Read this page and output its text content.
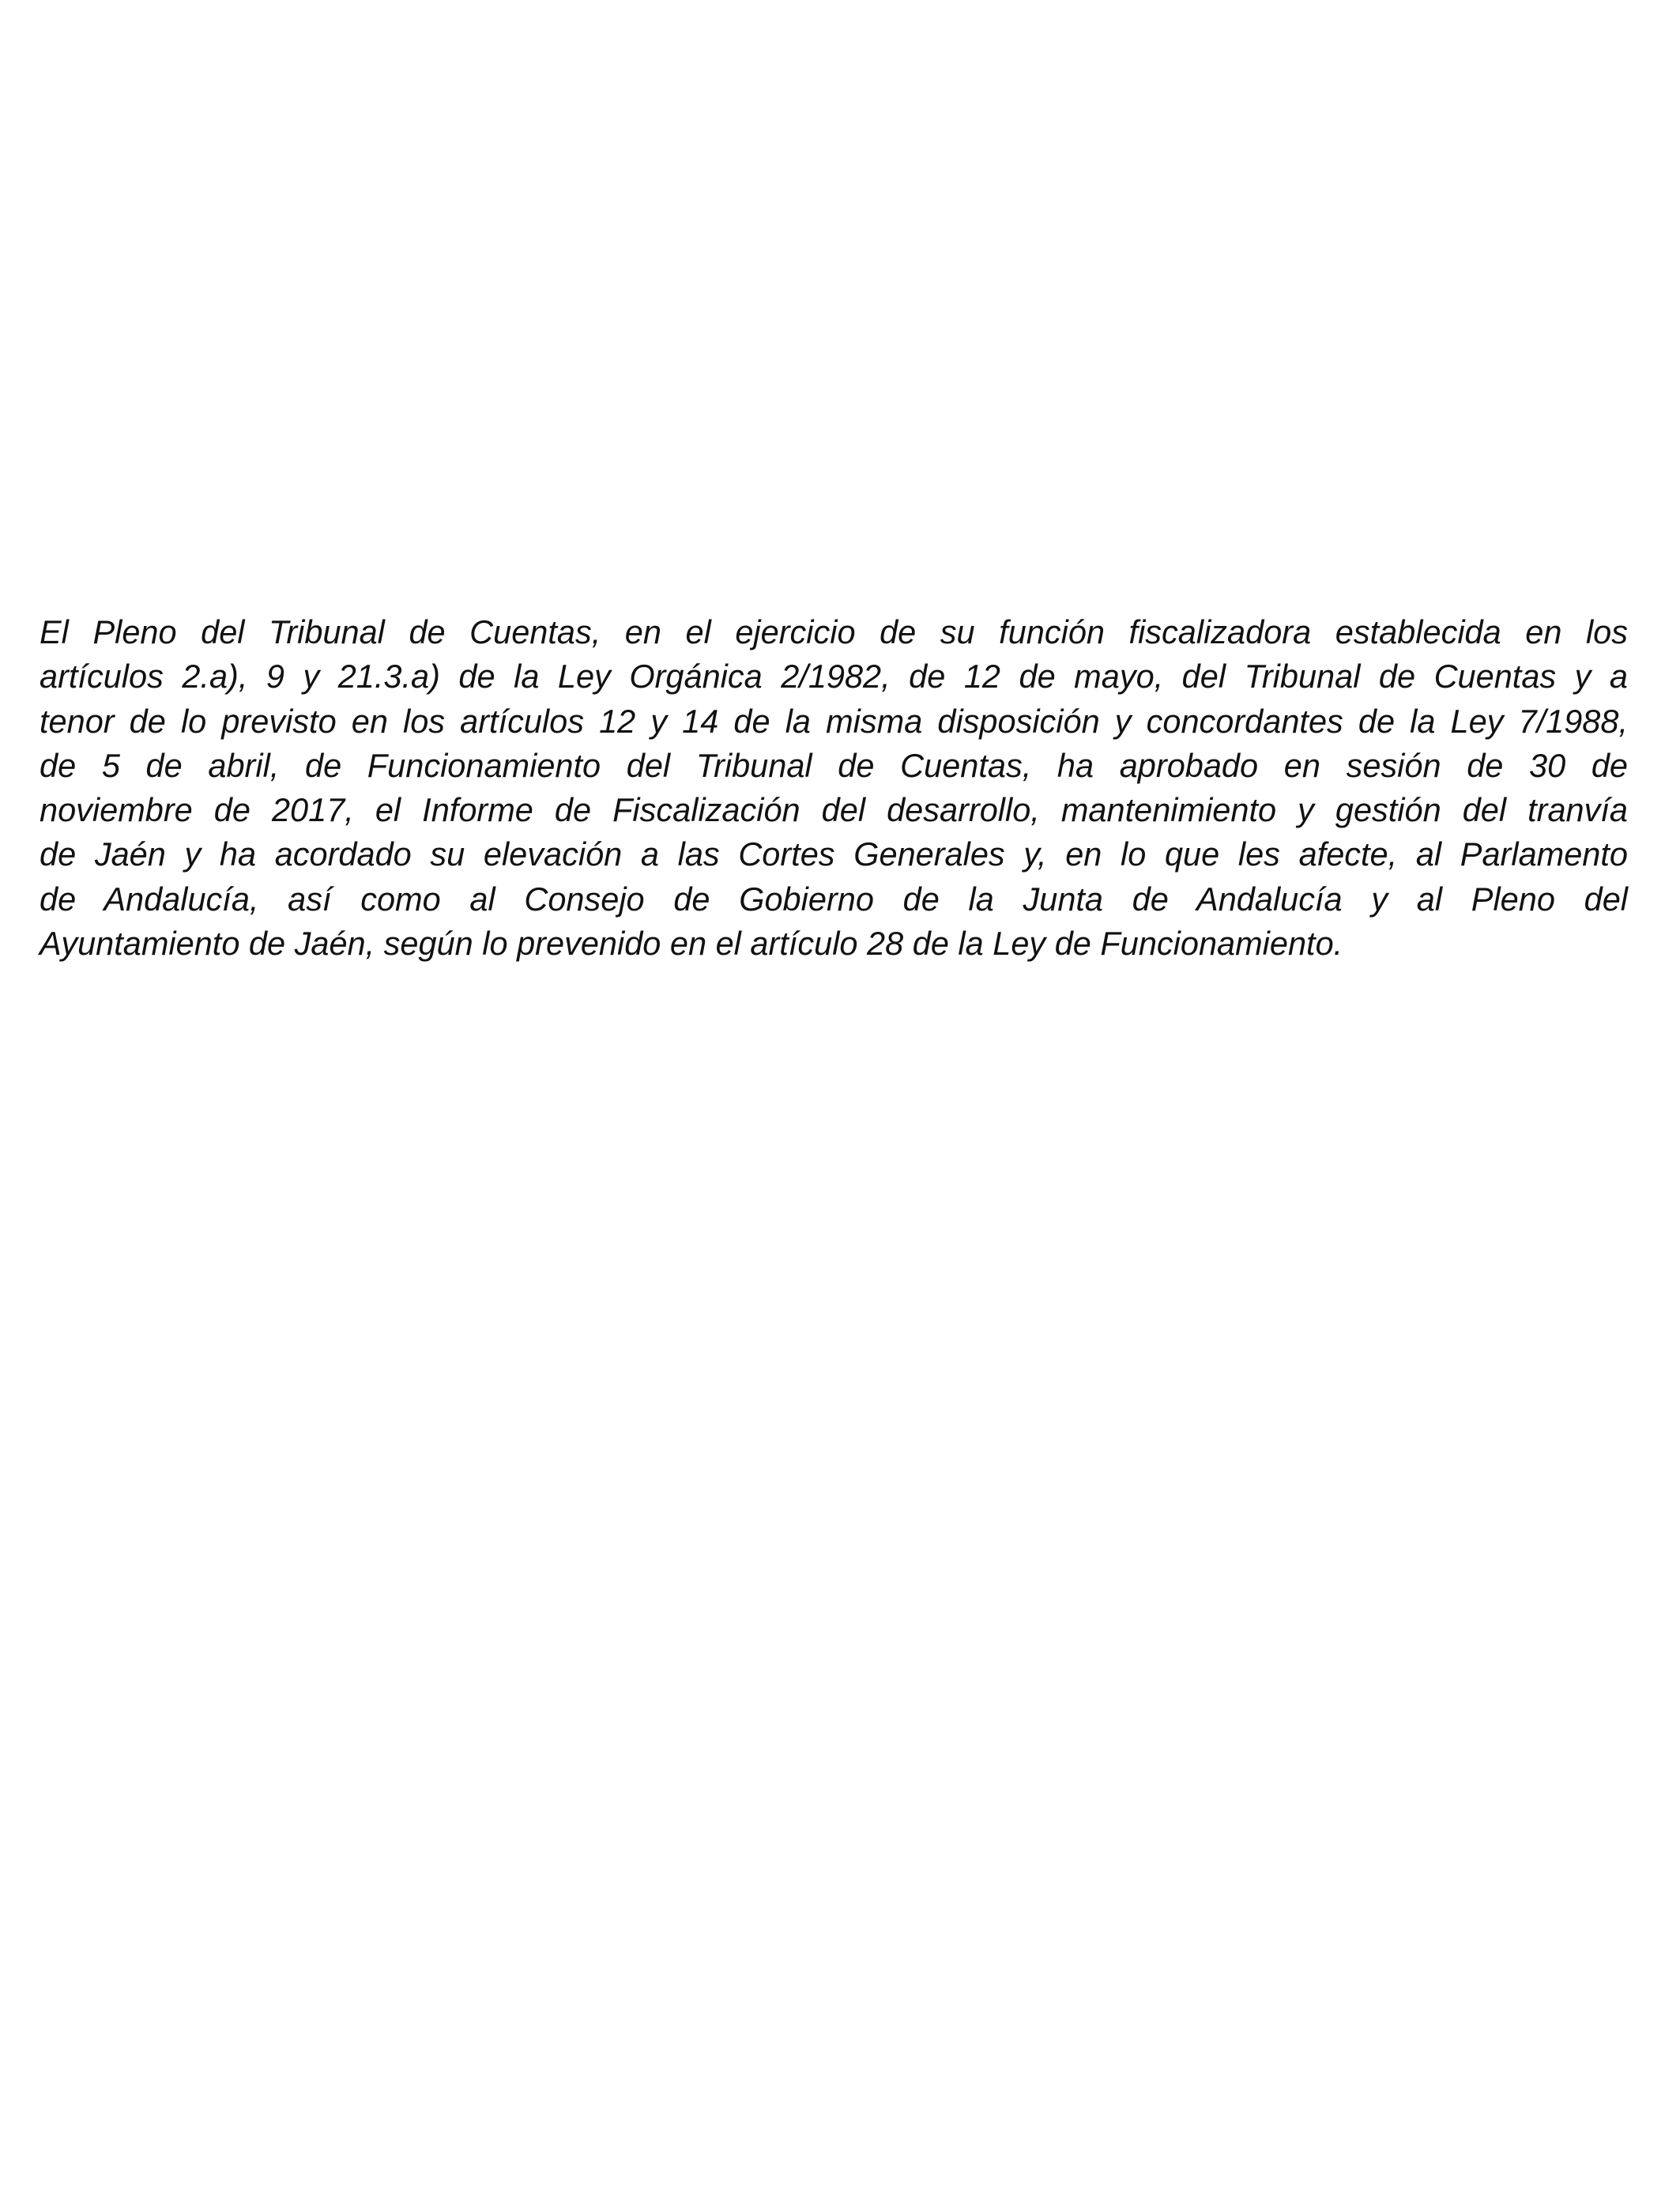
El Pleno del Tribunal de Cuentas, en el ejercicio de su función fiscalizadora establecida en los
artículos 2.a), 9 y 21.3.a) de la Ley Orgánica 2/1982, de 12 de mayo, del Tribunal de Cuentas y a
tenor de lo previsto en los artículos 12 y 14 de la misma disposición y concordantes de la Ley 7/1988,
de 5 de abril, de Funcionamiento del Tribunal de Cuentas, ha aprobado en sesión de 30 de
noviembre de 2017, el Informe de Fiscalización del desarrollo, mantenimiento y gestión del tranvía
de Jaén y ha acordado su elevación a las Cortes Generales y, en lo que les afecte, al Parlamento
de Andalucía, así como al Consejo de Gobierno de la Junta de Andalucía y al Pleno del
Ayuntamiento de Jaén, según lo prevenido en el artículo 28 de la Ley de Funcionamiento.
